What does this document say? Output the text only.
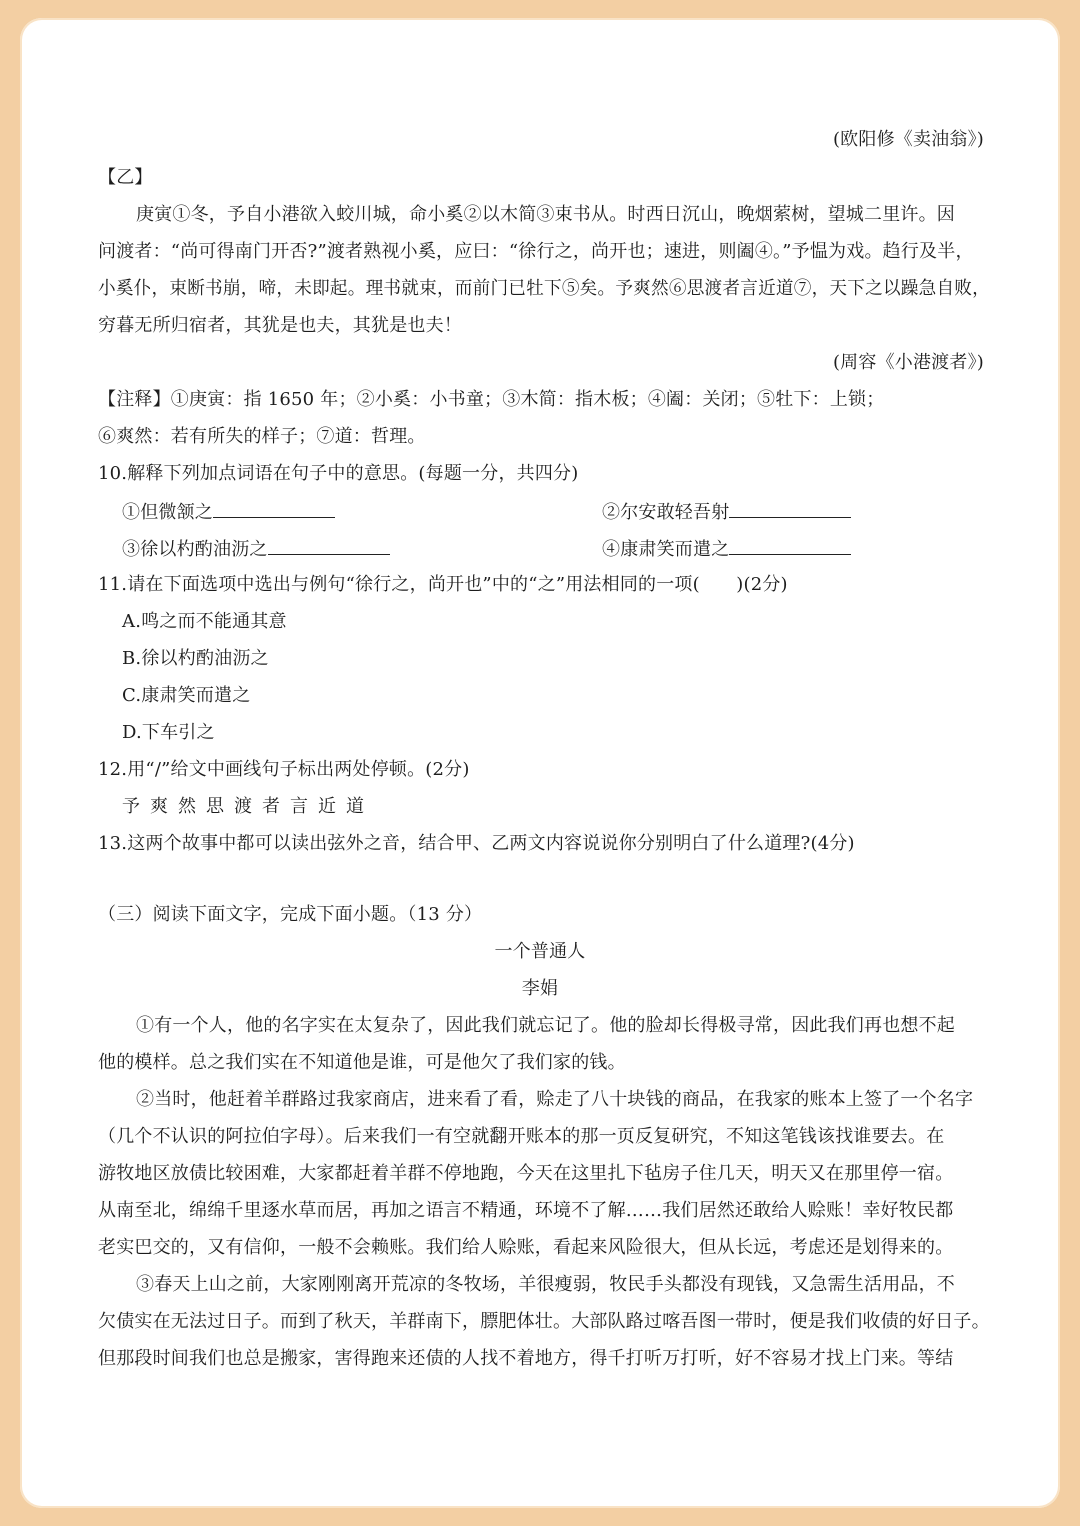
(欧阳修《卖油翁》)
【乙】
庚寅①冬，予自小港欲入蛟川城，命小奚②以木简③束书从。时西日沉山，晚烟萦树，望城二里许。因
问渡者：“尚可得南门开否?”渡者熟视小奚，应曰：“徐行之，尚开也；速进，则阖④。”予愠为戏。趋行及半，
小奚仆，束断书崩，啼，未即起。理书就束，而前门已牡下⑤矣。予爽然⑥思渡者言近道⑦，天下之以躁急自败，
穷暮无所归宿者，其犹是也夫，其犹是也夫！
(周容《小港渡者》)
【注释】①庚寅：指 1650 年；②小奚：小书童；③木简：指木板；④阖：关闭；⑤牡下：上锁；
⑥爽然：若有所失的样子；⑦道：哲理。
10.解释下列加点词语在句子中的意思。(每题一分，共四分)
①但微颔之	②尔安敢轻吾射
③徐以杓酌油沥之	④康肃笑而遣之
11.请在下面选项中选出与例句“徐行之，尚开也”中的“之”用法相同的一项(　　)(2分)
A.鸣之而不能通其意
B.徐以杓酌油沥之
C.康肃笑而遣之
D.下车引之
12.用“/”给文中画线句子标出两处停顿。(2分)
予爽然思渡者言近道
13.这两个故事中都可以读出弦外之音，结合甲、乙两文内容说说你分别明白了什么道理?(4分)
（三）阅读下面文字，完成下面小题。（13 分）
一个普通人
李娟
①有一个人，他的名字实在太复杂了，因此我们就忘记了。他的脸却长得极寻常，因此我们再也想不起
他的模样。总之我们实在不知道他是谁，可是他欠了我们家的钱。
②当时，他赶着羊群路过我家商店，进来看了看，赊走了八十块钱的商品，在我家的账本上签了一个名字
（几个不认识的阿拉伯字母）。后来我们一有空就翻开账本的那一页反复研究，不知这笔钱该找谁要去。在
游牧地区放债比较困难，大家都赶着羊群不停地跑，今天在这里扎下毡房子住几天，明天又在那里停一宿。
从南至北，绵绵千里逐水草而居，再加之语言不精通，环境不了解……我们居然还敢给人赊账！幸好牧民都
老实巴交的，又有信仰，一般不会赖账。我们给人赊账，看起来风险很大，但从长远，考虑还是划得来的。
③春天上山之前，大家刚刚离开荒凉的冬牧场，羊很瘦弱，牧民手头都没有现钱，又急需生活用品，不
欠债实在无法过日子。而到了秋天，羊群南下，膘肥体壮。大部队路过喀吾图一带时，便是我们收债的好日子。
但那段时间我们也总是搬家，害得跑来还债的人找不着地方，得千打听万打听，好不容易才找上门来。等结
